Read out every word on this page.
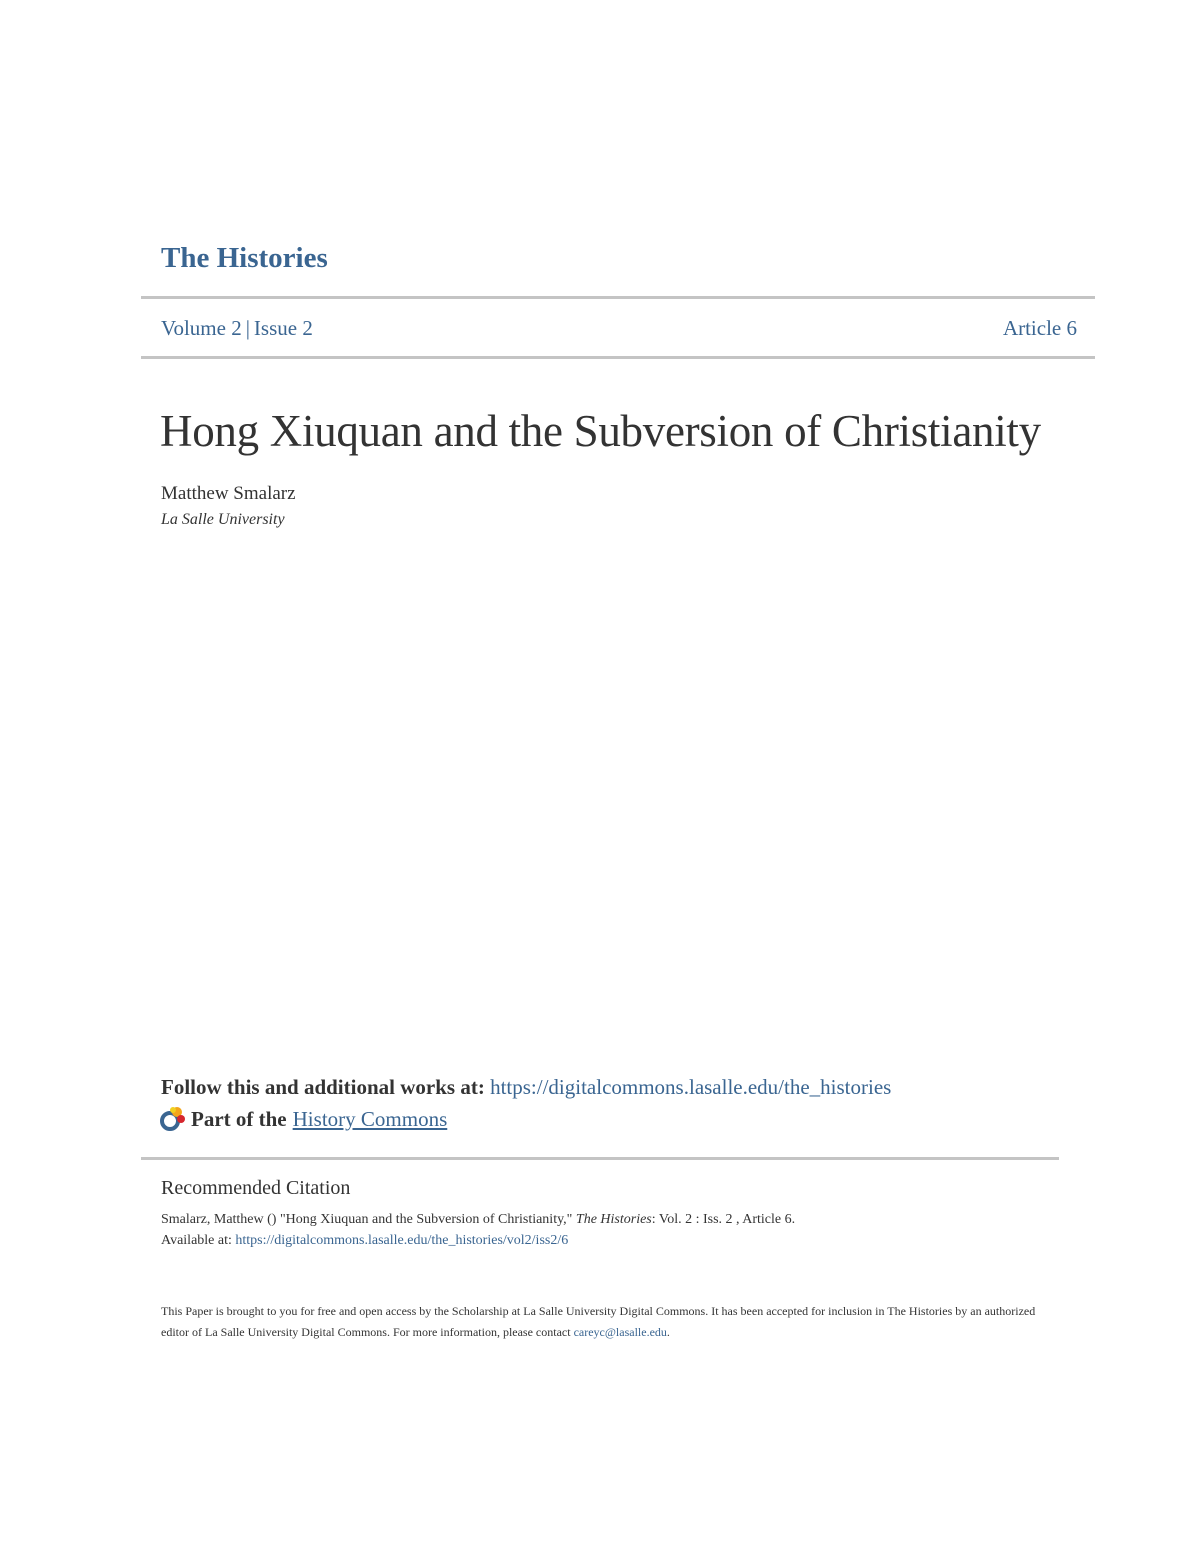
The Histories
Volume 2 | Issue 2	Article 6
Hong Xiuquan and the Subversion of Christianity
Matthew Smalarz
La Salle University
Follow this and additional works at: https://digitalcommons.lasalle.edu/the_histories
Part of the History Commons
Recommended Citation
Smalarz, Matthew () "Hong Xiuquan and the Subversion of Christianity," The Histories: Vol. 2 : Iss. 2 , Article 6.
Available at: https://digitalcommons.lasalle.edu/the_histories/vol2/iss2/6
This Paper is brought to you for free and open access by the Scholarship at La Salle University Digital Commons. It has been accepted for inclusion in The Histories by an authorized editor of La Salle University Digital Commons. For more information, please contact careyc@lasalle.edu.
